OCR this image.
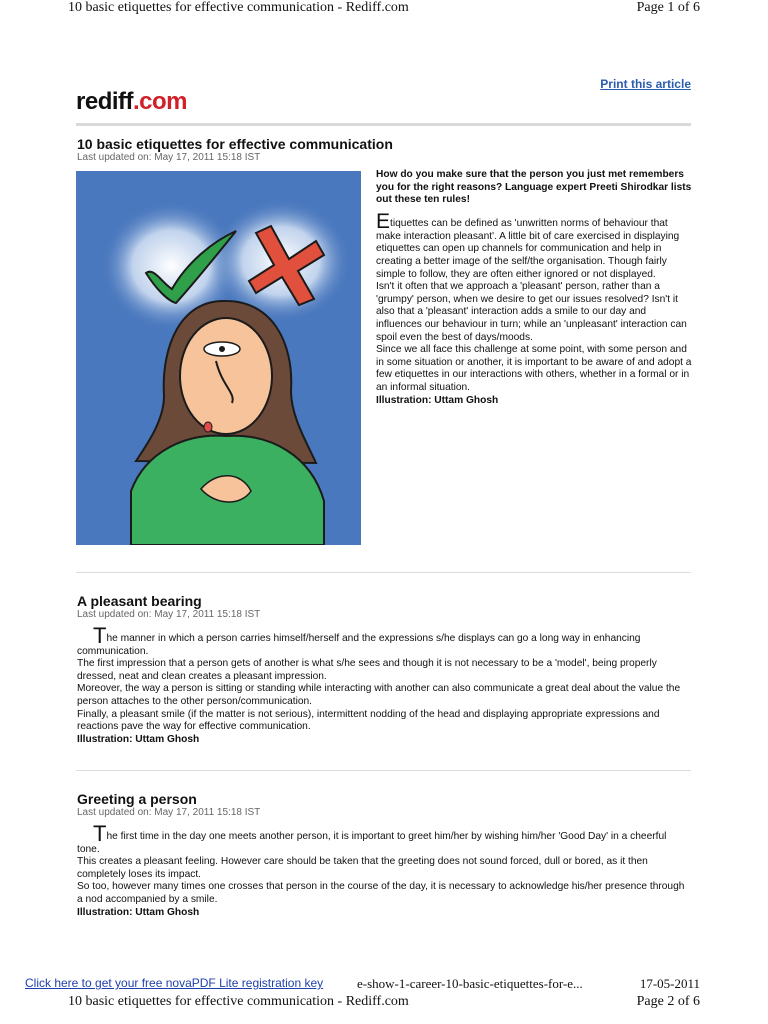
10 basic etiquettes for effective communication - Rediff.com	Page 1 of 6
Print this article
rediff.com
10 basic etiquettes for effective communication
Last updated on: May 17, 2011 15:18 IST

How do you make sure that the person you just met remembers you for the right reasons? Language expert Preeti Shirodkar lists out these ten rules!

Etiquettes can be defined as 'unwritten norms of behaviour that make interaction pleasant'. A little bit of care exercised in displaying etiquettes can open up channels for communication and help in creating a better image of the self/the organisation. Though fairly simple to follow, they are often either ignored or not displayed.

Isn't it often that we approach a 'pleasant' person, rather than a 'grumpy' person, when we desire to get our issues resolved? Isn't it also that a 'pleasant' interaction adds a smile to our day and influences our behaviour in turn; while an 'unpleasant' interaction can spoil even the best of days/moods.

Since we all face this challenge at some point, with some person and in some situation or another, it is important to be aware of and adopt a few etiquettes in our interactions with others, whether in a formal or in an informal situation.

Illustration: Uttam Ghosh

A pleasant bearing
Last updated on: May 17, 2011 15:18 IST

The manner in which a person carries himself/herself and the expressions s/he displays can go a long way in enhancing communication.

The first impression that a person gets of another is what s/he sees and though it is not necessary to be a 'model', being properly dressed, neat and clean creates a pleasant impression.

Moreover, the way a person is sitting or standing while interacting with another can also communicate a great deal about the value the person attaches to the other person/communication.

Finally, a pleasant smile (if the matter is not serious), intermittent nodding of the head and displaying appropriate expressions and reactions pave the way for effective communication.

Illustration: Uttam Ghosh

Greeting a person
Last updated on: May 17, 2011 15:18 IST

The first time in the day one meets another person, it is important to greet him/her by wishing him/her 'Good Day' in a cheerful tone.

This creates a pleasant feeling. However care should be taken that the greeting does not sound forced, dull or bored, as it then completely loses its impact.

So too, however many times one crosses that person in the course of the day, it is necessary to acknowledge his/her presence through a nod accompanied by a smile.

Illustration: Uttam Ghosh

Click here to get your free novaPDF Lite registration key	e-show-1-career-10-basic-etiquettes-for-e...	17-05-2011
10 basic etiquettes for effective communication - Rediff.com	Page 2 of 6
